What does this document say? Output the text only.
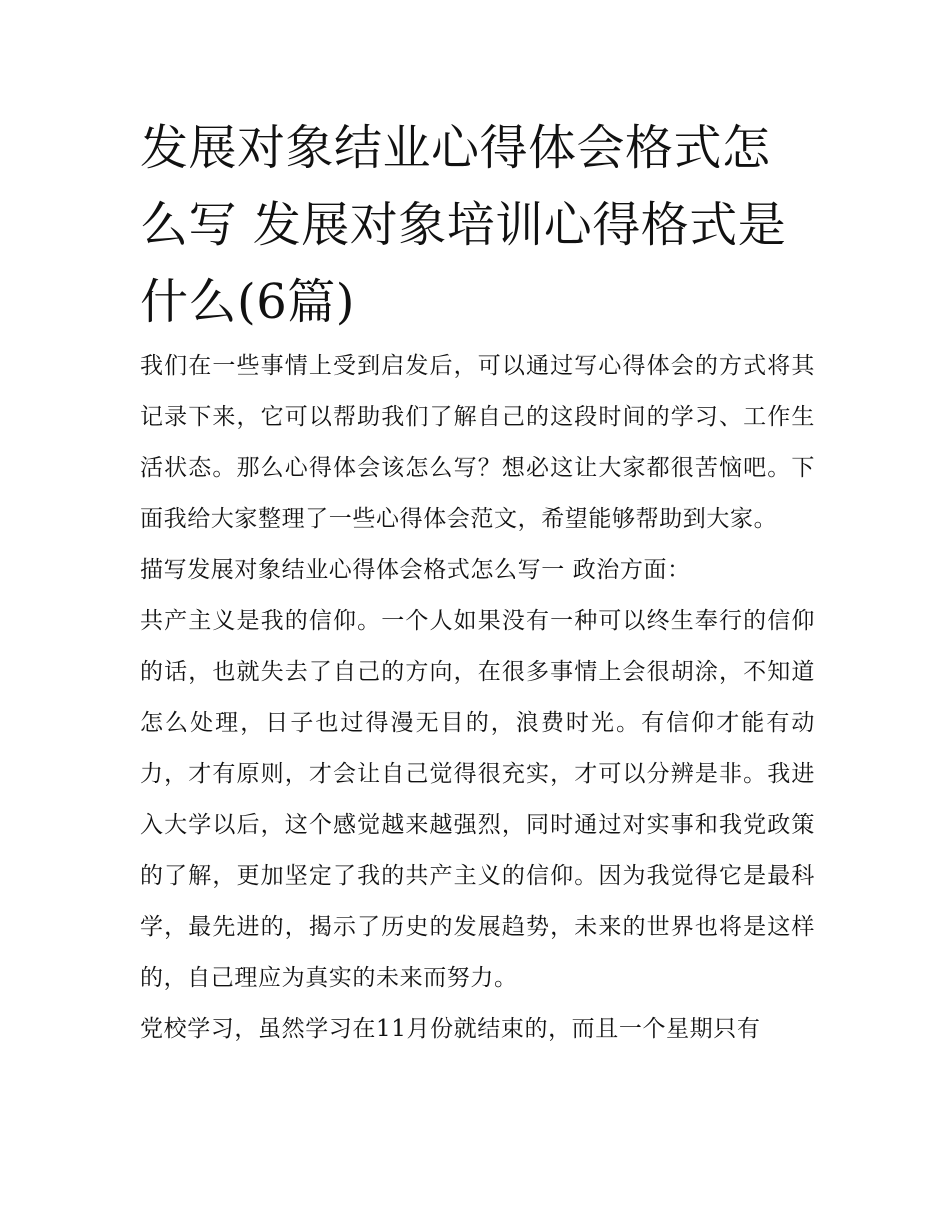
发展对象结业心得体会格式怎么写 发展对象培训心得格式是什么(6篇)

我们在一些事情上受到启发后，可以通过写心得体会的方式将其记录下来，它可以帮助我们了解自己的这段时间的学习、工作生活状态。那么心得体会该怎么写？想必这让大家都很苦恼吧。下面我给大家整理了一些心得体会范文，希望能够帮助到大家。

描写发展对象结业心得体会格式怎么写一 政治方面：

共产主义是我的信仰。一个人如果没有一种可以终生奉行的信仰的话，也就失去了自己的方向，在很多事情上会很胡涂，不知道怎么处理，日子也过得漫无目的，浪费时光。有信仰才能有动力，才有原则，才会让自己觉得很充实，才可以分辨是非。我进入大学以后，这个感觉越来越强烈，同时通过对实事和我党政策的了解，更加坚定了我的共产主义的信仰。因为我觉得它是最科学，最先进的，揭示了历史的发展趋势，未来的世界也将是这样的，自己理应为真实的未来而努力。

党校学习，虽然学习在11月份就结束的，而且一个星期只有
